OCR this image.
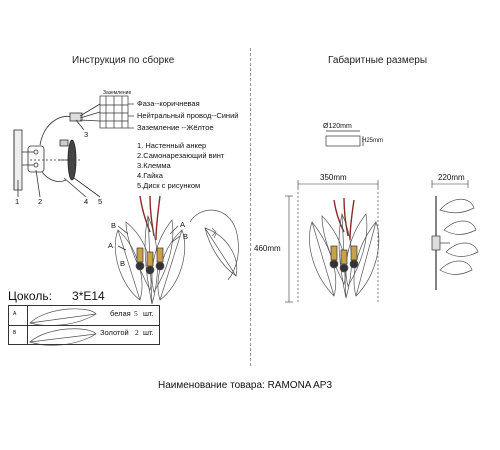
Инструкция по сборке	Габаритные размеры
Заземление
Фаза--коричневая
Нейтральный провод--Синий
Заземление --Жёлтое
1. Настенный анкер
2.Самонарезающий винт
3.Клемма
4.Гайка
5.Диск с рисунком
1	2
3
4 5
B
A
A
B
B
Цоколь: 3*E14
A	белая 5 шт.
B	Золотой 2 шт.
Ø120mm
H25mm
350mm
460mm
220mm
Наименование товара: RAMONA AP3
